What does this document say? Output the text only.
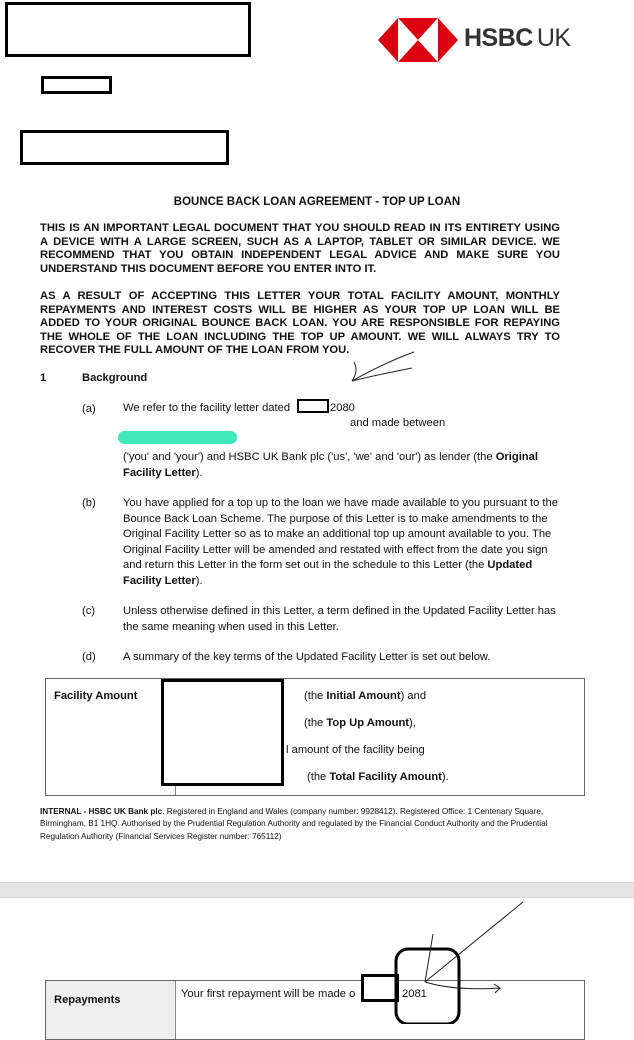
HSBC UK
BOUNCE BACK LOAN AGREEMENT - TOP UP LOAN
THIS IS AN IMPORTANT LEGAL DOCUMENT THAT YOU SHOULD READ IN ITS ENTIRETY USING A DEVICE WITH A LARGE SCREEN, SUCH AS A LAPTOP, TABLET OR SIMILAR DEVICE. WE RECOMMEND THAT YOU OBTAIN INDEPENDENT LEGAL ADVICE AND MAKE SURE YOU UNDERSTAND THIS DOCUMENT BEFORE YOU ENTER INTO IT.
AS A RESULT OF ACCEPTING THIS LETTER YOUR TOTAL FACILITY AMOUNT, MONTHLY REPAYMENTS AND INTEREST COSTS WILL BE HIGHER AS YOUR TOP UP LOAN WILL BE ADDED TO YOUR ORIGINAL BOUNCE BACK LOAN. YOU ARE RESPONSIBLE FOR REPAYING THE WHOLE OF THE LOAN INCLUDING THE TOP UP AMOUNT. WE WILL ALWAYS TRY TO RECOVER THE FULL AMOUNT OF THE LOAN FROM YOU.
1	Background
(a) We refer to the facility letter dated	2080
and made between
('you' and 'your') and HSBC UK Bank plc ('us', 'we' and 'our') as lender (the Original Facility Letter).
(b) You have applied for a top up to the loan we have made available to you pursuant to the Bounce Back Loan Scheme. The purpose of this Letter is to make amendments to the Original Facility Letter so as to make an additional top up amount available to you. The Original Facility Letter will be amended and restated with effect from the date you sign and return this Letter in the form set out in the schedule to this Letter (the Updated Facility Letter).
(c) Unless otherwise defined in this Letter, a term defined in the Updated Facility Letter has the same meaning when used in this Letter.
(d) A summary of the key terms of the Updated Facility Letter is set out below.
Facility Amount	(the Initial Amount) and
(the Top Up Amount),
l amount of the facility being
(the Total Facility Amount).
INTERNAL - HSBC UK Bank plc. Registered in England and Wales (company number: 9928412). Registered Office: 1 Centenary Square, Birmingham, B1 1HQ. Authorised by the Prudential Regulation Authority and regulated by the Financial Conduct Authority and the Prudential Regulation Authority (Financial Services Register number: 765112)
Repayments	Your first repayment will be made o	2081
